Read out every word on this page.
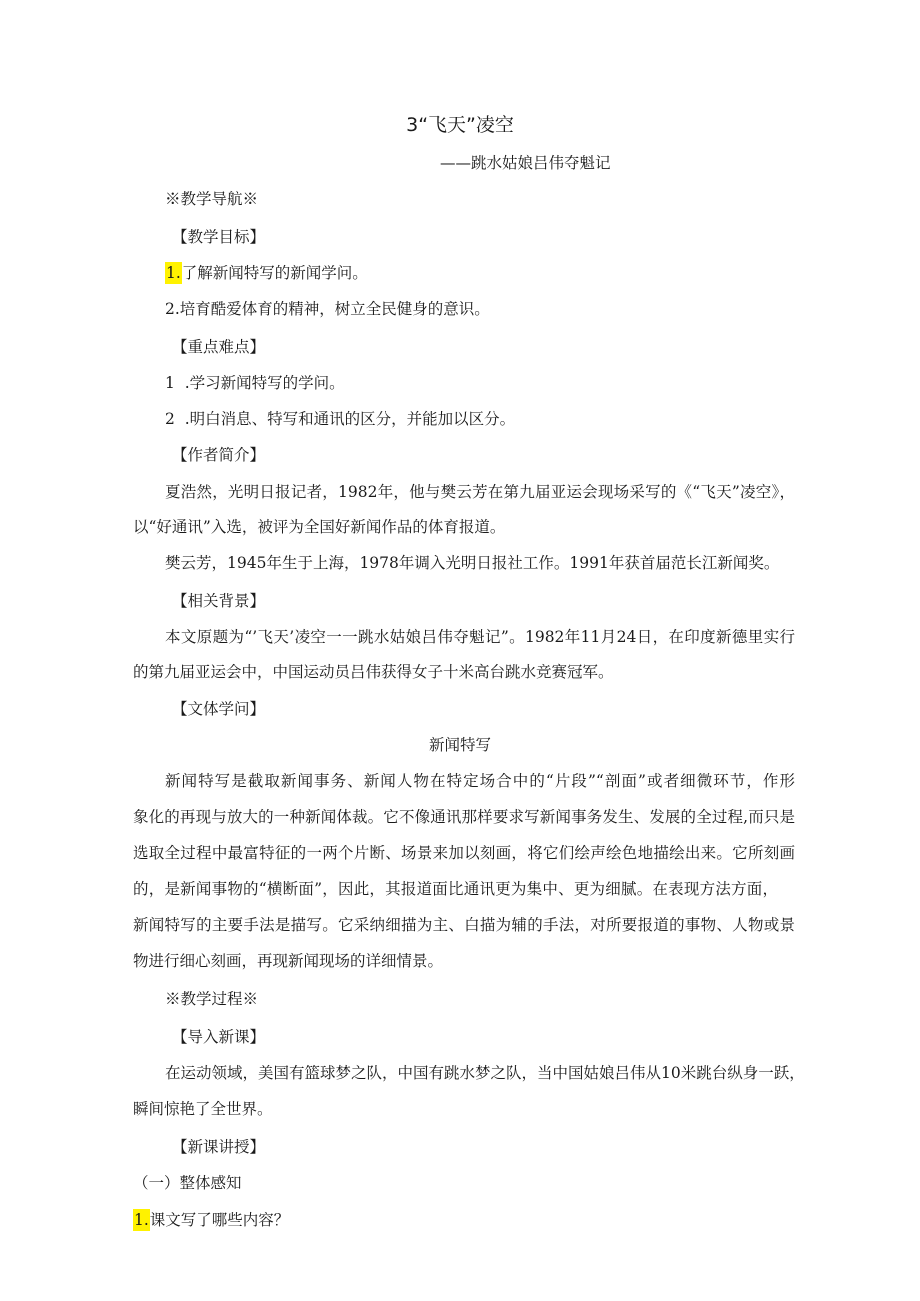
3“飞天”凌空
——跳水姑娘吕伟夺魁记
※教学导航※
【教学目标】
1.了解新闻特写的新闻学问。
2.培育酷爱体育的精神，树立全民健身的意识。
【重点难点】
1  .学习新闻特写的学问。
2  .明白消息、特写和通讯的区分，并能加以区分。
【作者简介】
夏浩然，光明日报记者，1982年，他与樊云芳在第九届亚运会现场采写的《“飞天”凌空》，
以“好通讯”入选，被评为全国好新闻作品的体育报道。
樊云芳，1945年生于上海，1978年调入光明日报社工作。1991年获首届范长江新闻奖。
【相关背景】
本文原题为“’飞天’凌空一一跳水姑娘吕伟夺魁记”。1982年11月24日，在印度新德里实行
的第九届亚运会中，中国运动员吕伟获得女子十米高台跳水竞赛冠军。
【文体学问】
新闻特写
新闻特写是截取新闻事务、新闻人物在特定场合中的“片段”“剖面”或者细微环节，作形
象化的再现与放大的一种新闻体裁。它不像通讯那样要求写新闻事务发生、发展的全过程,而只是
选取全过程中最富特征的一两个片断、场景来加以刻画，将它们绘声绘色地描绘出来。它所刻画
的，是新闻事物的“横断面”，因此，其报道面比通讯更为集中、更为细腻。在表现方法方面，
新闻特写的主要手法是描写。它采纳细描为主、白描为辅的手法，对所要报道的事物、人物或景
物进行细心刻画，再现新闻现场的详细情景。
※教学过程※
【导入新课】
在运动领域，美国有篮球梦之队，中国有跳水梦之队，当中国姑娘吕伟从10米跳台纵身一跃，
瞬间惊艳了全世界。
【新课讲授】
（一）整体感知
1.课文写了哪些内容？
